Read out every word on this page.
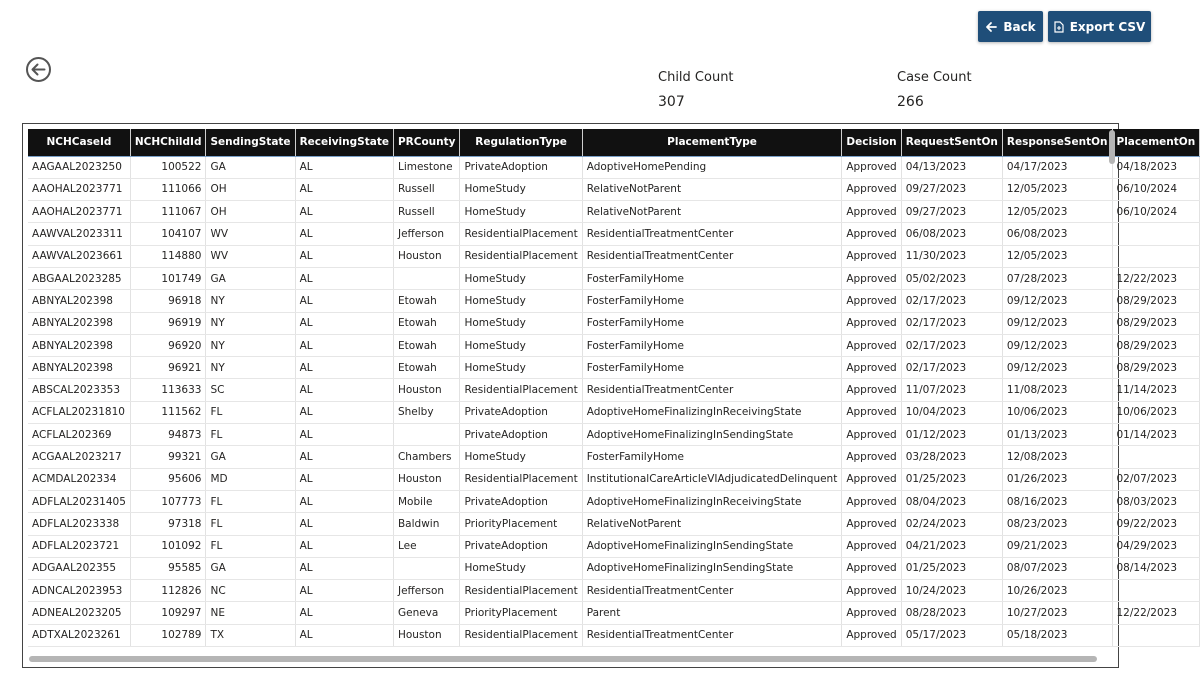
Back	Export CSV
Child Count
307
Case Count
266
NCHCaseId	NCHChildId	SendingState	ReceivingState	PRCounty	RegulationType	PlacementType	Decision	RequestSentOn	ResponseSentOn	PlacementOn
AAGAAL2023250	100522	GA	AL	Limestone	PrivateAdoption	AdoptiveHomePending	Approved	04/13/2023	04/17/2023	04/18/2023
AAOHAL2023771	111066	OH	AL	Russell	HomeStudy	RelativeNotParent	Approved	09/27/2023	12/05/2023	06/10/2024
AAOHAL2023771	111067	OH	AL	Russell	HomeStudy	RelativeNotParent	Approved	09/27/2023	12/05/2023	06/10/2024
AAWVAL2023311	104107	WV	AL	Jefferson	ResidentialPlacement	ResidentialTreatmentCenter	Approved	06/08/2023	06/08/2023	
AAWVAL2023661	114880	WV	AL	Houston	ResidentialPlacement	ResidentialTreatmentCenter	Approved	11/30/2023	12/05/2023	
ABGAAL2023285	101749	GA	AL		HomeStudy	FosterFamilyHome	Approved	05/02/2023	07/28/2023	12/22/2023
ABNYAL202398	96918	NY	AL	Etowah	HomeStudy	FosterFamilyHome	Approved	02/17/2023	09/12/2023	08/29/2023
ABNYAL202398	96919	NY	AL	Etowah	HomeStudy	FosterFamilyHome	Approved	02/17/2023	09/12/2023	08/29/2023
ABNYAL202398	96920	NY	AL	Etowah	HomeStudy	FosterFamilyHome	Approved	02/17/2023	09/12/2023	08/29/2023
ABNYAL202398	96921	NY	AL	Etowah	HomeStudy	FosterFamilyHome	Approved	02/17/2023	09/12/2023	08/29/2023
ABSCAL2023353	113633	SC	AL	Houston	ResidentialPlacement	ResidentialTreatmentCenter	Approved	11/07/2023	11/08/2023	11/14/2023
ACFLAL20231810	111562	FL	AL	Shelby	PrivateAdoption	AdoptiveHomeFinalizingInReceivingState	Approved	10/04/2023	10/06/2023	10/06/2023
ACFLAL202369	94873	FL	AL		PrivateAdoption	AdoptiveHomeFinalizingInSendingState	Approved	01/12/2023	01/13/2023	01/14/2023
ACGAAL2023217	99321	GA	AL	Chambers	HomeStudy	FosterFamilyHome	Approved	03/28/2023	12/08/2023	
ACMDAL202334	95606	MD	AL	Houston	ResidentialPlacement	InstitutionalCareArticleVIAdjudicatedDelinquent	Approved	01/25/2023	01/26/2023	02/07/2023
ADFLAL20231405	107773	FL	AL	Mobile	PrivateAdoption	AdoptiveHomeFinalizingInReceivingState	Approved	08/04/2023	08/16/2023	08/03/2023
ADFLAL2023338	97318	FL	AL	Baldwin	PriorityPlacement	RelativeNotParent	Approved	02/24/2023	08/23/2023	09/22/2023
ADFLAL2023721	101092	FL	AL	Lee	PrivateAdoption	AdoptiveHomeFinalizingInSendingState	Approved	04/21/2023	09/21/2023	04/29/2023
ADGAAL202355	95585	GA	AL		HomeStudy	AdoptiveHomeFinalizingInSendingState	Approved	01/25/2023	08/07/2023	08/14/2023
ADNCAL2023953	112826	NC	AL	Jefferson	ResidentialPlacement	ResidentialTreatmentCenter	Approved	10/24/2023	10/26/2023	
ADNEAL2023205	109297	NE	AL	Geneva	PriorityPlacement	Parent	Approved	08/28/2023	10/27/2023	12/22/2023
ADTXAL2023261	102789	TX	AL	Houston	ResidentialPlacement	ResidentialTreatmentCenter	Approved	05/17/2023	05/18/2023	
